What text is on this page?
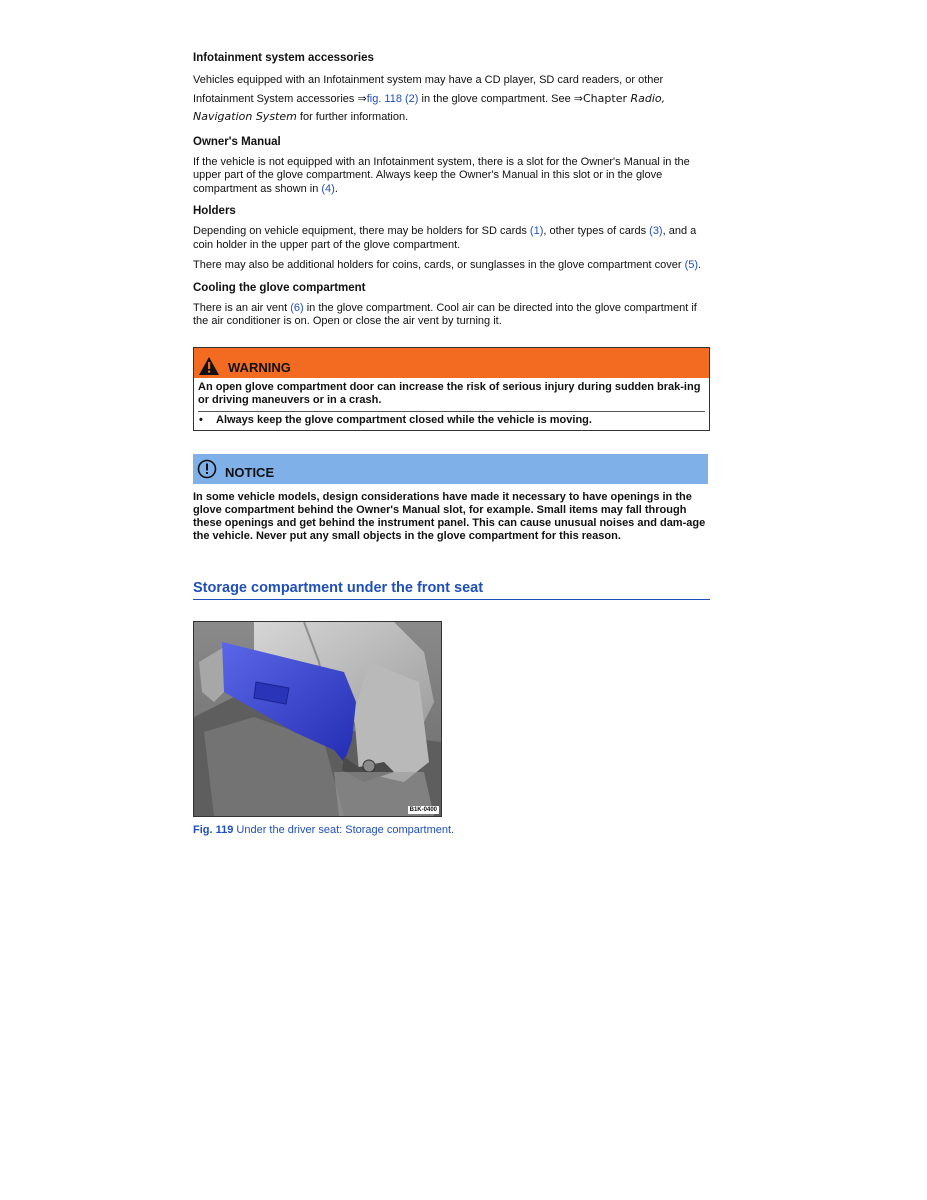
Infotainment system accessories

Vehicles equipped with an Infotainment system may have a CD player, SD card readers, or other Infotainment System accessories ⇒fig. 118 (2) in the glove compartment. See ⇒Chapter Radio, Navigation System for further information.

Owner's Manual

If the vehicle is not equipped with an Infotainment system, there is a slot for the Owner's Manual in the upper part of the glove compartment. Always keep the Owner's Manual in this slot or in the glove compartment as shown in (4).

Holders

Depending on vehicle equipment, there may be holders for SD cards (1), other types of cards (3), and a coin holder in the upper part of the glove compartment.

There may also be additional holders for coins, cards, or sunglasses in the glove compartment cover (5).

Cooling the glove compartment

There is an air vent (6) in the glove compartment. Cool air can be directed into the glove compartment if the air conditioner is on. Open or close the air vent by turning it.

WARNING
An open glove compartment door can increase the risk of serious injury during sudden brak-ing or driving maneuvers or in a crash.
•	Always keep the glove compartment closed while the vehicle is moving.
NOTICE
In some vehicle models, design considerations have made it necessary to have openings in the glove compartment behind the Owner's Manual slot, for example. Small items may fall through these openings and get behind the instrument panel. This can cause unusual noises and dam-age the vehicle. Never put any small objects in the glove compartment for this reason.
Storage compartment under the front seat
B1K-0400
Fig. 119 Under the driver seat: Storage compartment.
